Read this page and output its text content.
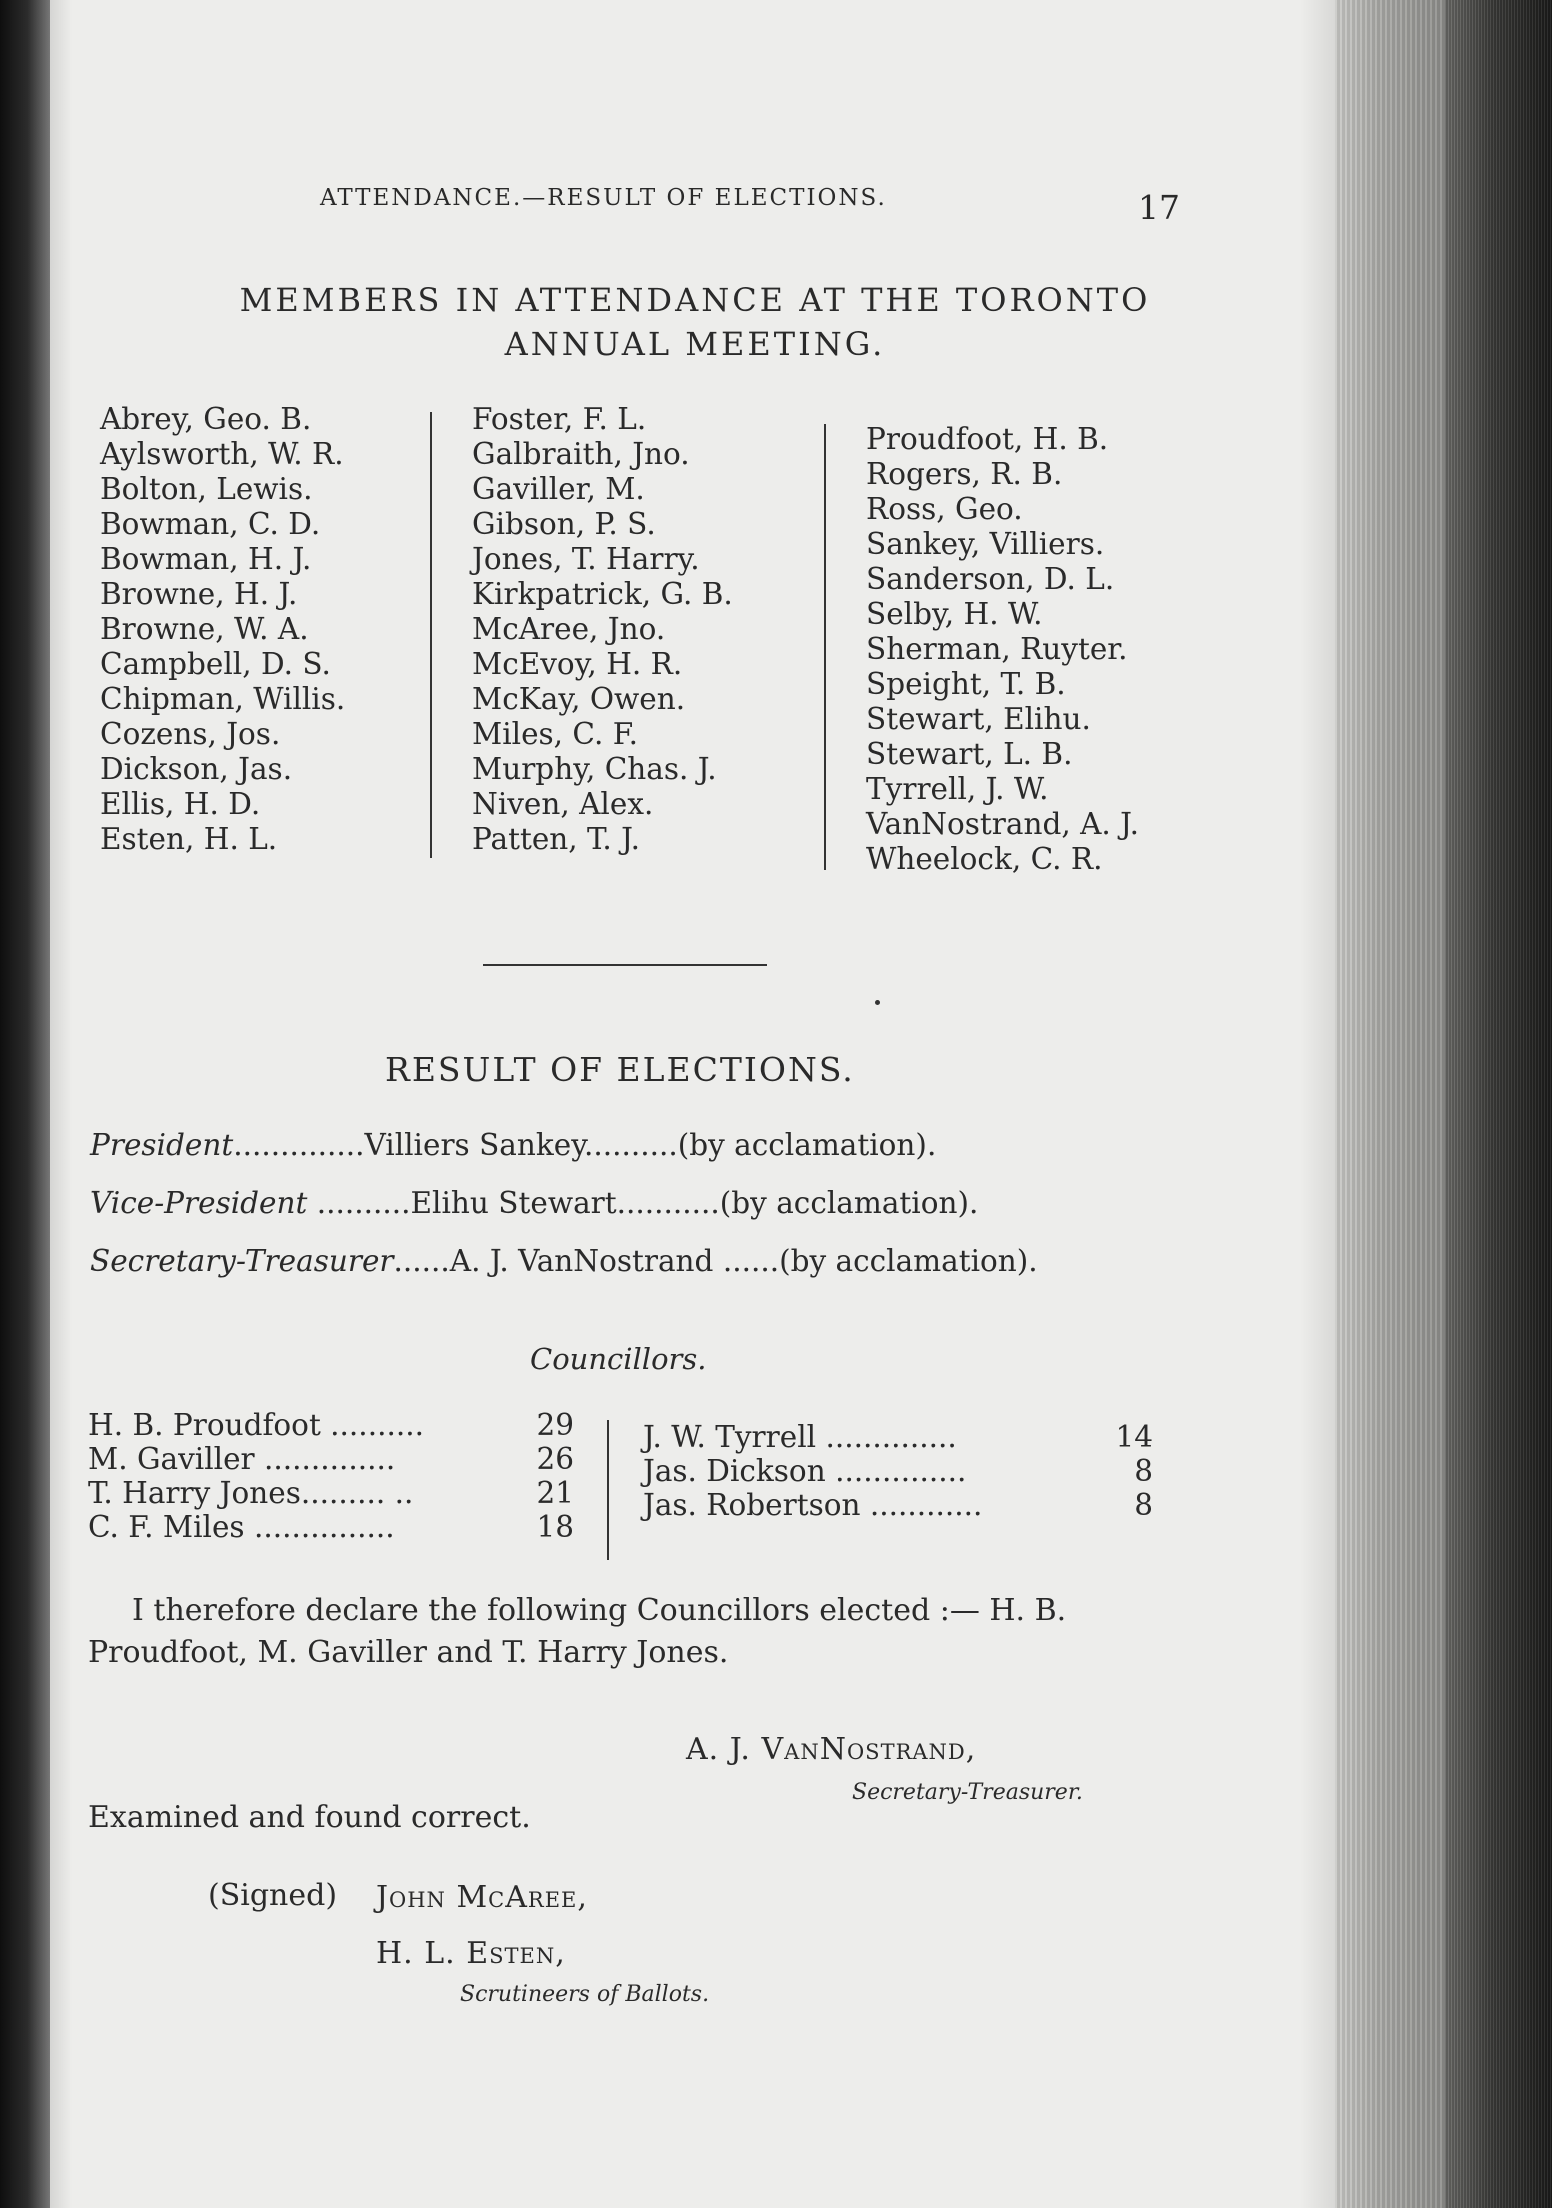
ATTENDANCE.—RESULT OF ELECTIONS.	17
MEMBERS IN ATTENDANCE AT THE TORONTO
ANNUAL MEETING.
Abrey, Geo. B.
Aylsworth, W. R.
Bolton, Lewis.
Bowman, C. D.
Bowman, H. J.
Browne, H. J.
Browne, W. A.
Campbell, D. S.
Chipman, Willis.
Cozens, Jos.
Dickson, Jas.
Ellis, H. D.
Esten, H. L.
Foster, F. L.
Galbraith, Jno.
Gaviller, M.
Gibson, P. S.
Jones, T. Harry.
Kirkpatrick, G. B.
McAree, Jno.
McEvoy, H. R.
McKay, Owen.
Miles, C. F.
Murphy, Chas. J.
Niven, Alex.
Patten, T. J.
Proudfoot, H. B.
Rogers, R. B.
Ross, Geo.
Sankey, Villiers.
Sanderson, D. L.
Selby, H. W.
Sherman, Ruyter.
Speight, T. B.
Stewart, Elihu.
Stewart, L. B.
Tyrrell, J. W.
VanNostrand, A. J.
Wheelock, C. R.
RESULT OF ELECTIONS.
President..............Villiers Sankey..........(by acclamation).
Vice-President ..........Elihu Stewart...........(by acclamation).
Secretary-Treasurer......A. J. VanNostrand ......(by acclamation).
Councillors.
H. B. Proudfoot ..........	29
M. Gaviller ..............	26
T. Harry Jones......... ..	21
C. F. Miles ...............	18
J. W. Tyrrell ..............	14
Jas. Dickson ..............	8
Jas. Robertson ............	8
I therefore declare the following Councillors elected :— H. B.
Proudfoot, M. Gaviller and T. Harry Jones.
A. J. VanNostrand,
Secretary-Treasurer.
Examined and found correct.
(Signed) John McAree,
H. L. Esten,
Scrutineers of Ballots.
